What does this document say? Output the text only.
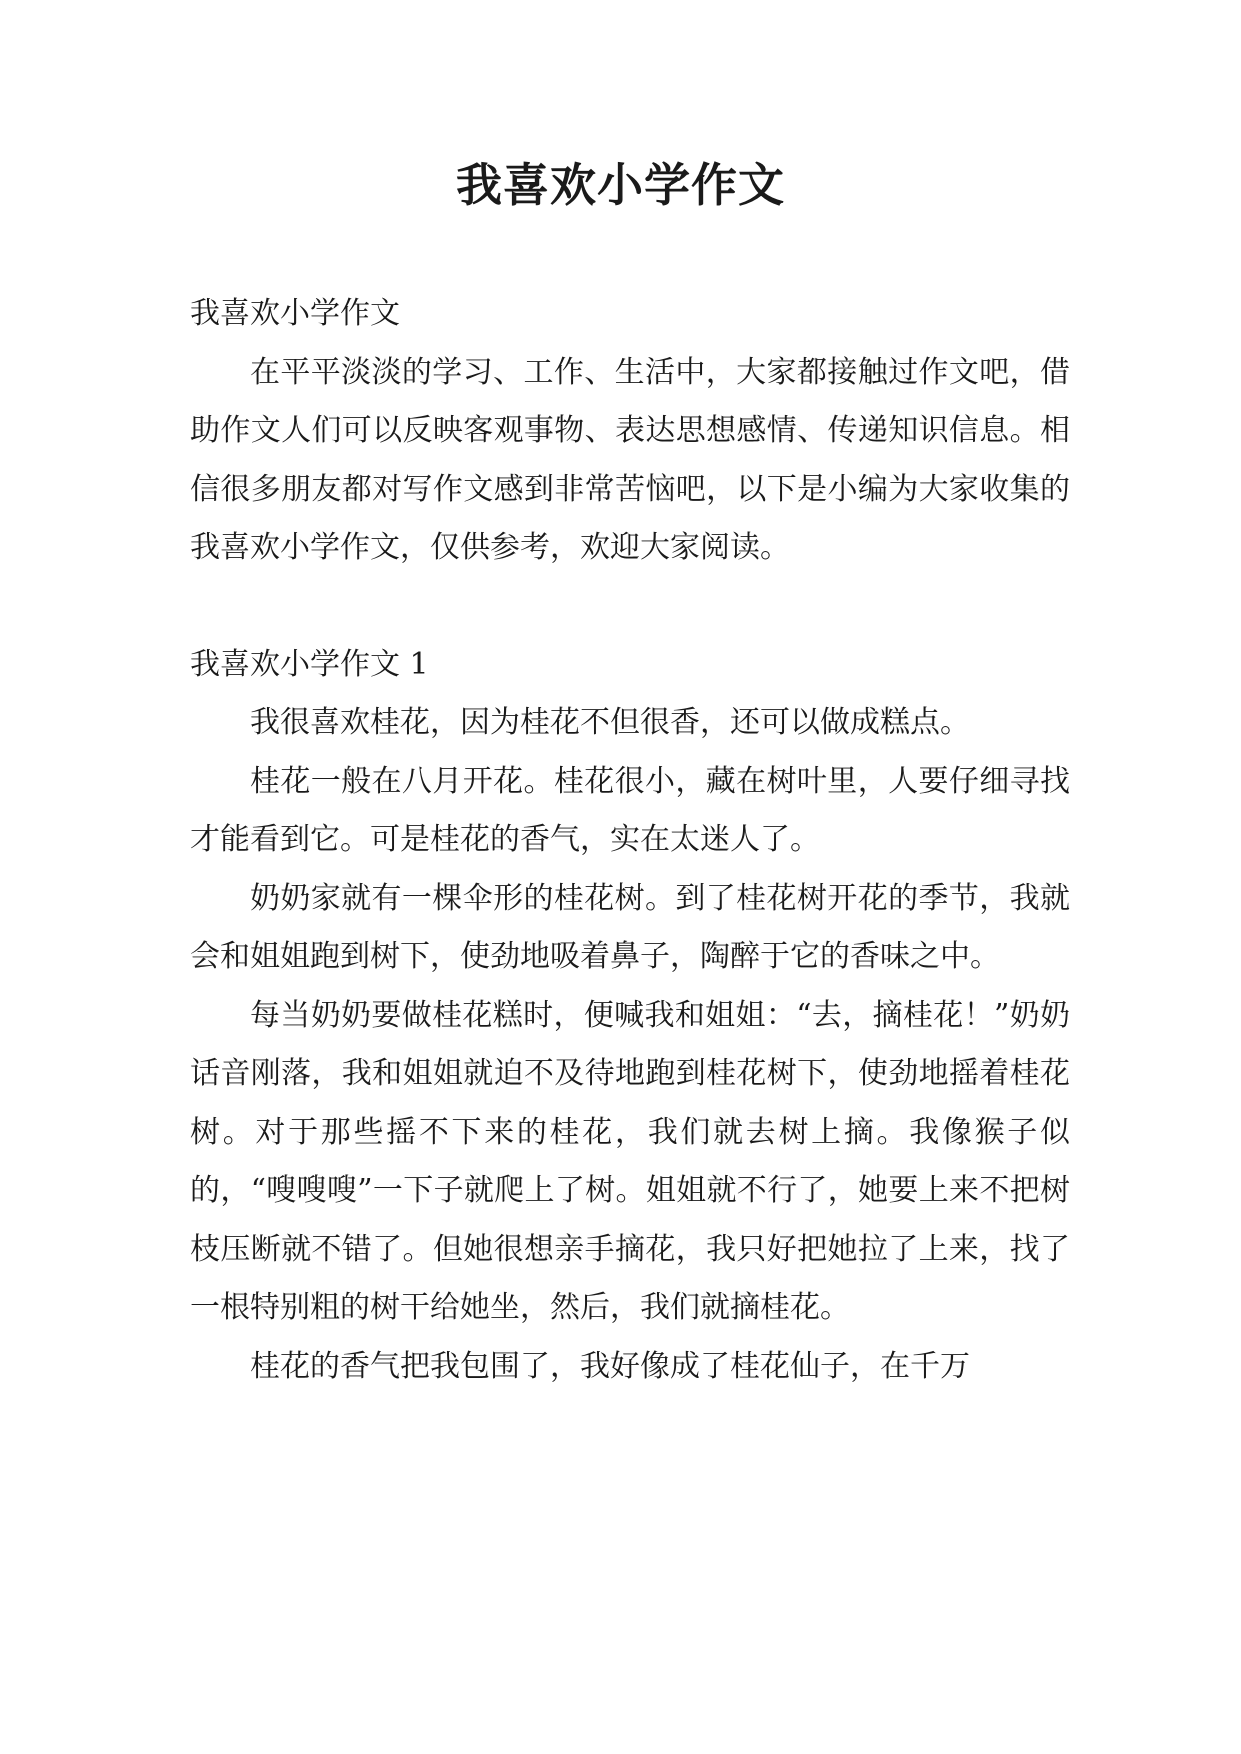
我喜欢小学作文

我喜欢小学作文

在平平淡淡的学习、工作、生活中，大家都接触过作文吧，借助作文人们可以反映客观事物、表达思想感情、传递知识信息。相信很多朋友都对写作文感到非常苦恼吧，以下是小编为大家收集的我喜欢小学作文，仅供参考，欢迎大家阅读。

我喜欢小学作文 1

我很喜欢桂花，因为桂花不但很香，还可以做成糕点。

桂花一般在八月开花。桂花很小，藏在树叶里，人要仔细寻找才能看到它。可是桂花的香气，实在太迷人了。

奶奶家就有一棵伞形的桂花树。到了桂花树开花的季节，我就会和姐姐跑到树下，使劲地吸着鼻子，陶醉于它的香味之中。

每当奶奶要做桂花糕时，便喊我和姐姐：“去，摘桂花！”奶奶话音刚落，我和姐姐就迫不及待地跑到桂花树下，使劲地摇着桂花树。对于那些摇不下来的桂花，我们就去树上摘。我像猴子似的，“嗖嗖嗖”一下子就爬上了树。姐姐就不行了，她要上来不把树枝压断就不错了。但她很想亲手摘花，我只好把她拉了上来，找了一根特别粗的树干给她坐，然后，我们就摘桂花。

桂花的香气把我包围了，我好像成了桂花仙子，在千万
